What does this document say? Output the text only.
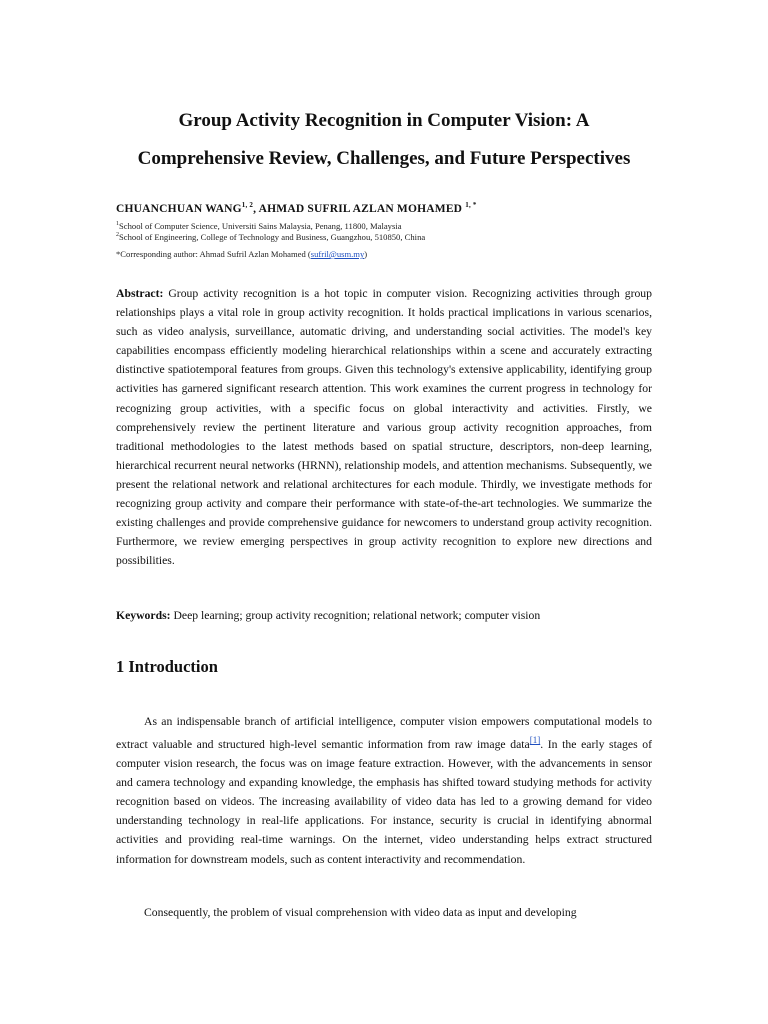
Group Activity Recognition in Computer Vision: A
Comprehensive Review, Challenges, and Future Perspectives
CHUANCHUAN WANG$^{1, 2}$, AHMAD SUFRIL AZLAN MOHAMED $^{1, *}$
$^1$School of Computer Science, Universiti Sains Malaysia, Penang, 11800, Malaysia
$^2$School of Engineering, College of Technology and Business, Guangzhou, 510850, China
*Corresponding author: Ahmad Sufril Azlan Mohamed (sufril@usm.my)

Abstract: Group activity recognition is a hot topic in computer vision. Recognizing activities through group relationships plays a vital role in group activity recognition. It holds practical implications in various scenarios, such as video analysis, surveillance, automatic driving, and understanding social activities. The model's key capabilities encompass efficiently modeling hierarchical relationships within a scene and accurately extracting distinctive spatiotemporal features from groups. Given this technology's extensive applicability, identifying group activities has garnered significant research attention. This work examines the current progress in technology for recognizing group activities, with a specific focus on global interactivity and activities. Firstly, we comprehensively review the pertinent literature and various group activity recognition approaches, from traditional methodologies to the latest methods based on spatial structure, descriptors, non-deep learning, hierarchical recurrent neural networks (HRNN), relationship models, and attention mechanisms. Subsequently, we present the relational network and relational architectures for each module. Thirdly, we investigate methods for recognizing group activity and compare their performance with state-of-the-art technologies. We summarize the existing challenges and provide comprehensive guidance for newcomers to understand group activity recognition. Furthermore, we review emerging perspectives in group activity recognition to explore new directions and possibilities.

Keywords: Deep learning; group activity recognition; relational network; computer vision

1 Introduction

As an indispensable branch of artificial intelligence, computer vision empowers computational models to extract valuable and structured high-level semantic information from raw image data[1]. In the early stages of computer vision research, the focus was on image feature extraction. However, with the advancements in sensor and camera technology and expanding knowledge, the emphasis has shifted toward studying methods for activity recognition based on videos. The increasing availability of video data has led to a growing demand for video understanding technology in real-life applications. For instance, security is crucial in identifying abnormal activities and providing real-time warnings. On the internet, video understanding helps extract structured information for downstream models, such as content interactivity and recommendation.

Consequently, the problem of visual comprehension with video data as input and developing
